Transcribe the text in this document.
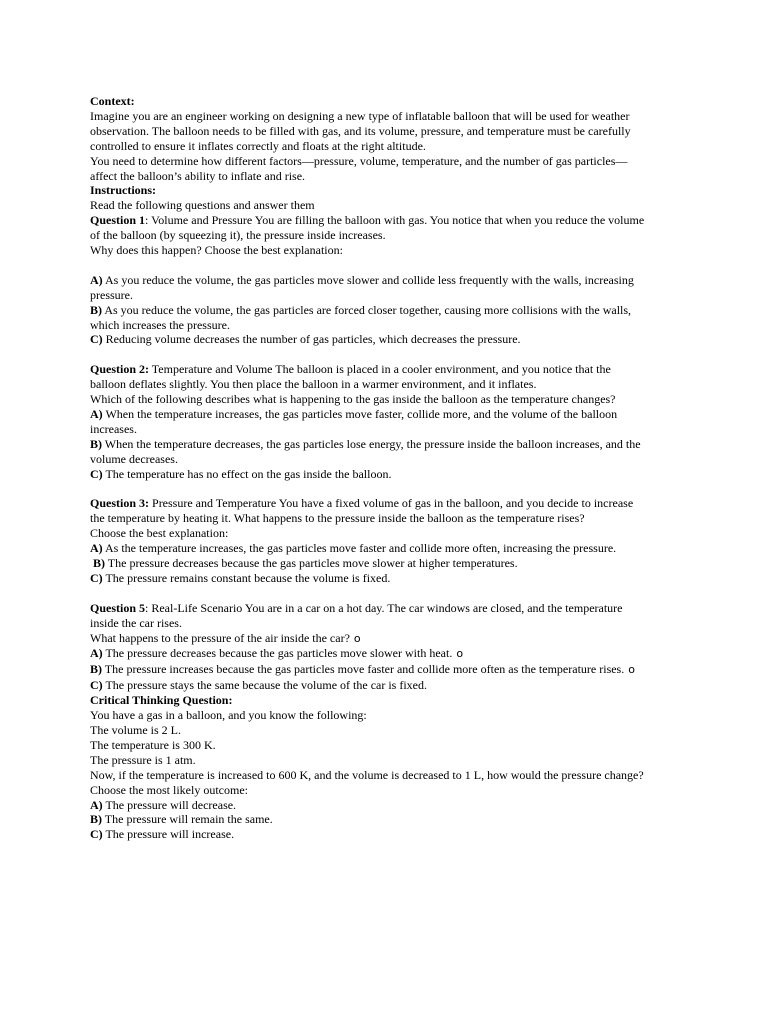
Context:
Imagine you are an engineer working on designing a new type of inflatable balloon that will be used for weather
observation. The balloon needs to be filled with gas, and its volume, pressure, and temperature must be carefully
controlled to ensure it inflates correctly and floats at the right altitude.
You need to determine how different factors—pressure, volume, temperature, and the number of gas particles—
affect the balloon’s ability to inflate and rise.
Instructions:
Read the following questions and answer them
Question 1: Volume and Pressure You are filling the balloon with gas. You notice that when you reduce the volume
of the balloon (by squeezing it), the pressure inside increases.
Why does this happen? Choose the best explanation:
A) As you reduce the volume, the gas particles move slower and collide less frequently with the walls, increasing
pressure.
B) As you reduce the volume, the gas particles are forced closer together, causing more collisions with the walls,
which increases the pressure.
C) Reducing volume decreases the number of gas particles, which decreases the pressure.
Question 2: Temperature and Volume The balloon is placed in a cooler environment, and you notice that the
balloon deflates slightly. You then place the balloon in a warmer environment, and it inflates.
Which of the following describes what is happening to the gas inside the balloon as the temperature changes?
A) When the temperature increases, the gas particles move faster, collide more, and the volume of the balloon
increases.
B) When the temperature decreases, the gas particles lose energy, the pressure inside the balloon increases, and the
volume decreases.
C) The temperature has no effect on the gas inside the balloon.
Question 3: Pressure and Temperature You have a fixed volume of gas in the balloon, and you decide to increase
the temperature by heating it. What happens to the pressure inside the balloon as the temperature rises?
Choose the best explanation:
A) As the temperature increases, the gas particles move faster and collide more often, increasing the pressure.
B) The pressure decreases because the gas particles move slower at higher temperatures.
C) The pressure remains constant because the volume is fixed.
Question 5: Real-Life Scenario You are in a car on a hot day. The car windows are closed, and the temperature
inside the car rises.
What happens to the pressure of the air inside the car? o
A) The pressure decreases because the gas particles move slower with heat. o
B) The pressure increases because the gas particles move faster and collide more often as the temperature rises. o
C) The pressure stays the same because the volume of the car is fixed.
Critical Thinking Question:
You have a gas in a balloon, and you know the following:
The volume is 2 L.
The temperature is 300 K.
The pressure is 1 atm.
Now, if the temperature is increased to 600 K, and the volume is decreased to 1 L, how would the pressure change?
Choose the most likely outcome:
A) The pressure will decrease.
B) The pressure will remain the same.
C) The pressure will increase.
